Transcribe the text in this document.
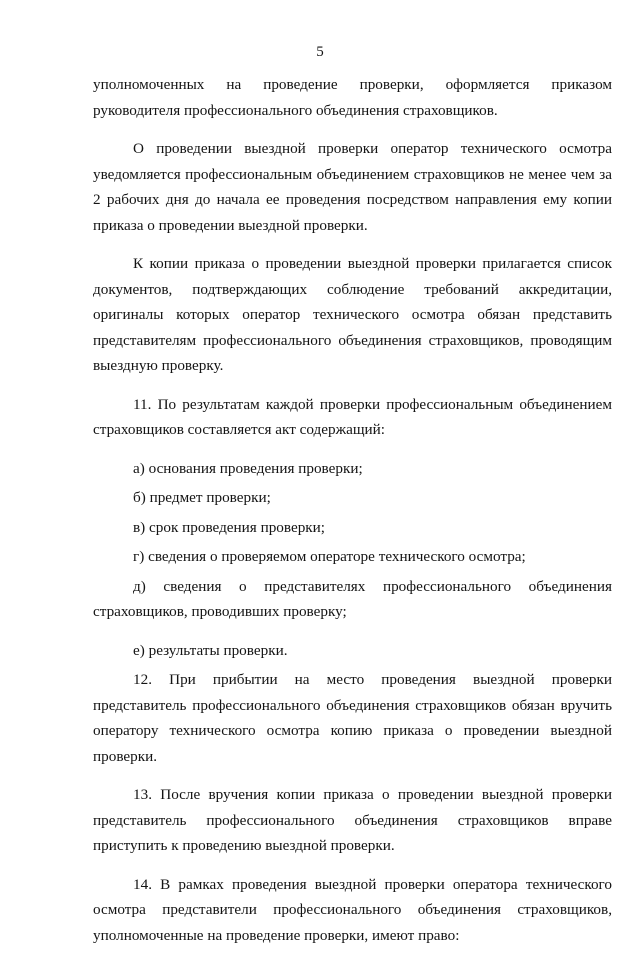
5

уполномоченных на проведение проверки, оформляется приказом руководителя профессионального объединения страховщиков.

О проведении выездной проверки оператор технического осмотра уведомляется профессиональным объединением страховщиков не менее чем за 2 рабочих дня до начала ее проведения посредством направления ему копии приказа о проведении выездной проверки.

К копии приказа о проведении выездной проверки прилагается список документов, подтверждающих соблюдение требований аккредитации, оригиналы которых оператор технического осмотра обязан представить представителям профессионального объединения страховщиков, проводящим выездную проверку.

11. По результатам каждой проверки профессиональным объединением страховщиков составляется акт содержащий:

а) основания проведения проверки;

б) предмет проверки;

в) срок проведения проверки;

г) сведения о проверяемом операторе технического осмотра;

д) сведения о представителях профессионального объединения страховщиков, проводивших проверку;

е) результаты проверки.

12. При прибытии на место проведения выездной проверки представитель профессионального объединения страховщиков обязан вручить оператору технического осмотра копию приказа о проведении выездной проверки.

13. После вручения копии приказа о проведении выездной проверки представитель профессионального объединения страховщиков вправе приступить к проведению выездной проверки.

14. В рамках проведения выездной проверки оператора технического осмотра представители профессионального объединения страховщиков, уполномоченные на проведение проверки, имеют право:
